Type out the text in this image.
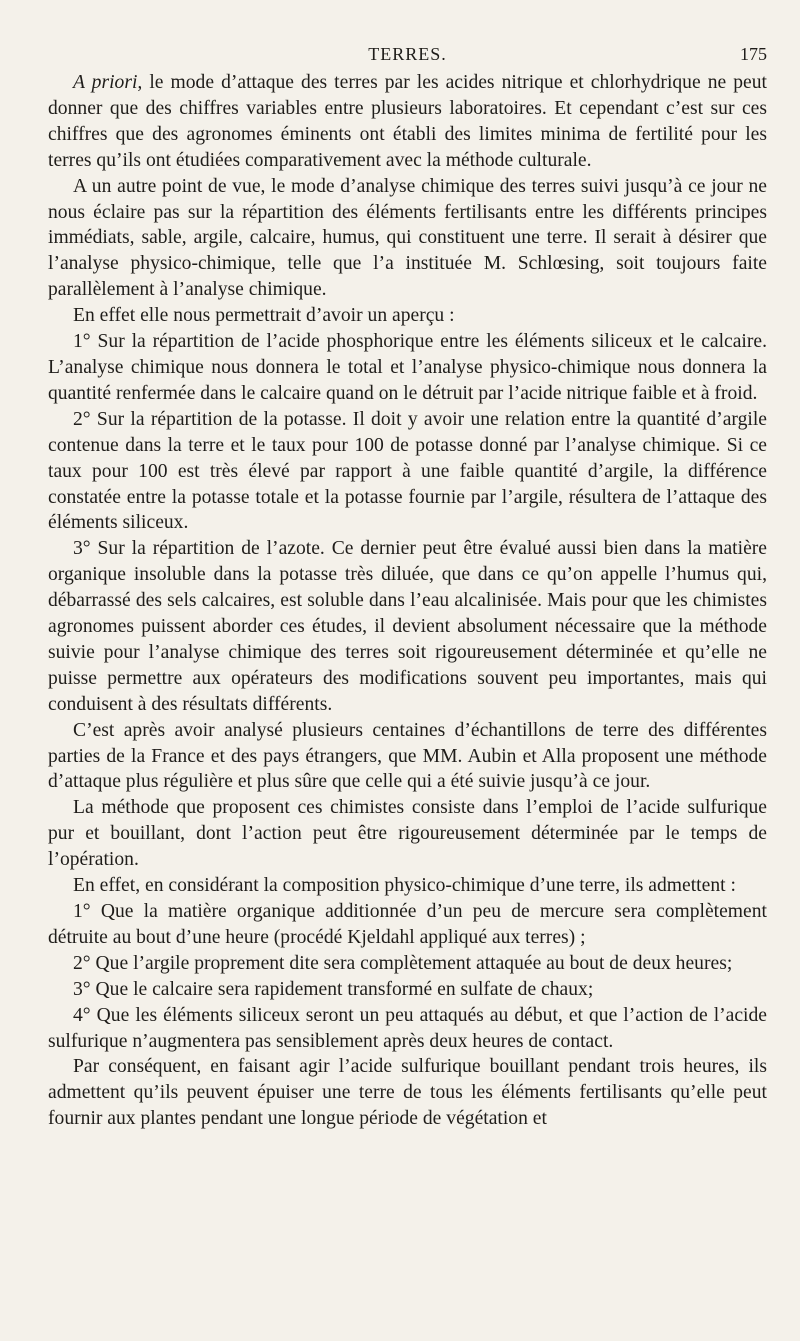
TERRES.	175

A priori, le mode d’attaque des terres par les acides nitrique et chlorhydrique ne peut donner que des chiffres variables entre plusieurs laboratoires. Et cependant c’est sur ces chiffres que des agronomes éminents ont établi des limites minima de fertilité pour les terres qu’ils ont étudiées comparativement avec la méthode culturale.

A un autre point de vue, le mode d’analyse chimique des terres suivi jusqu’à ce jour ne nous éclaire pas sur la répartition des éléments fertilisants entre les différents principes immédiats, sable, argile, calcaire, humus, qui constituent une terre. Il serait à désirer que l’analyse physico-chimique, telle que l’a instituée M. Schlœsing, soit toujours faite parallèlement à l’analyse chimique.

En effet elle nous permettrait d’avoir un aperçu :

1° Sur la répartition de l’acide phosphorique entre les éléments siliceux et le calcaire. L’analyse chimique nous donnera le total et l’analyse physico-chimique nous donnera la quantité renfermée dans le calcaire quand on le détruit par l’acide nitrique faible et à froid.

2° Sur la répartition de la potasse. Il doit y avoir une relation entre la quantité d’argile contenue dans la terre et le taux pour 100 de potasse donné par l’analyse chimique. Si ce taux pour 100 est très élevé par rapport à une faible quantité d’argile, la différence constatée entre la potasse totale et la potasse fournie par l’argile, résultera de l’attaque des éléments siliceux.

3° Sur la répartition de l’azote. Ce dernier peut être évalué aussi bien dans la matière organique insoluble dans la potasse très diluée, que dans ce qu’on appelle l’humus qui, débarrassé des sels calcaires, est soluble dans l’eau alcalinisée. Mais pour que les chimistes agronomes puissent aborder ces études, il devient absolument nécessaire que la méthode suivie pour l’analyse chimique des terres soit rigoureusement déterminée et qu’elle ne puisse permettre aux opérateurs des modifications souvent peu importantes, mais qui conduisent à des résultats différents.

C’est après avoir analysé plusieurs centaines d’échantillons de terre des différentes parties de la France et des pays étrangers, que MM. Aubin et Alla proposent une méthode d’attaque plus régulière et plus sûre que celle qui a été suivie jusqu’à ce jour.

La méthode que proposent ces chimistes consiste dans l’emploi de l’acide sulfurique pur et bouillant, dont l’action peut être rigoureusement déterminée par le temps de l’opération.

En effet, en considérant la composition physico-chimique d’une terre, ils admettent :

1° Que la matière organique additionnée d’un peu de mercure sera complètement détruite au bout d’une heure (procédé Kjeldahl appliqué aux terres) ;

2° Que l’argile proprement dite sera complètement attaquée au bout de deux heures;

3° Que le calcaire sera rapidement transformé en sulfate de chaux;

4° Que les éléments siliceux seront un peu attaqués au début, et que l’action de l’acide sulfurique n’augmentera pas sensiblement après deux heures de contact.

Par conséquent, en faisant agir l’acide sulfurique bouillant pendant trois heures, ils admettent qu’ils peuvent épuiser une terre de tous les éléments fertilisants qu’elle peut fournir aux plantes pendant une longue période de végétation et
